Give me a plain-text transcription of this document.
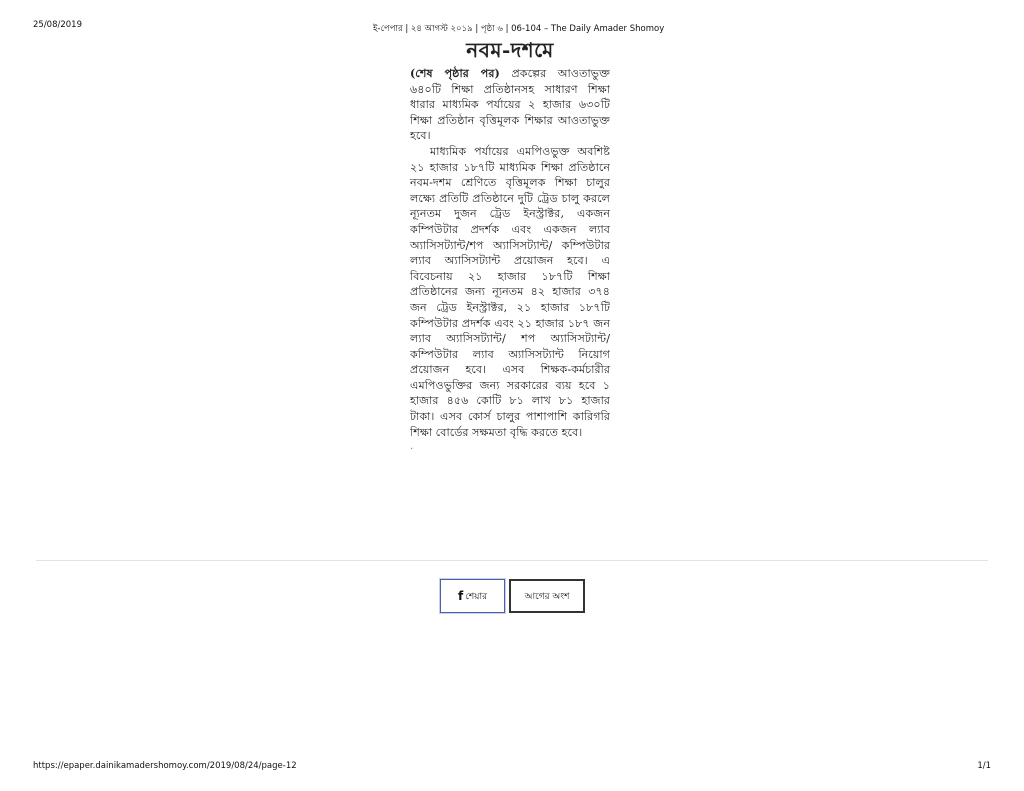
25/08/2019	ই-পেপার | ২৪ আগস্ট ২০১৯ | পৃষ্ঠা ৬ | 06-104 – The Daily Amader Shomoy
নবম-দশমে

(শেষ পৃষ্ঠার পর) প্রকল্পের আওতাভুক্ত ৬৪০টি শিক্ষা প্রতিষ্ঠানসহ সাধারণ শিক্ষা ধারার মাধ্যমিক পর্যায়ের ২ হাজার ৬৩০টি শিক্ষা প্রতিষ্ঠান বৃত্তিমূলক শিক্ষার আওতাভুক্ত হবে।

মাধ্যমিক পর্যায়ের এমপিওভুক্ত অবশিষ্ট ২১ হাজার ১৮৭টি মাধ্যমিক শিক্ষা প্রতিষ্ঠানে নবম-দশম শ্রেণিতে বৃত্তিমূলক শিক্ষা চালুর লক্ষ্যে প্রতিটি প্রতিষ্ঠানে দুটি ট্রেড চালু করলে ন্যূনতম দুজন ট্রেড ইনস্ট্রাক্টর, একজন কম্পিউটার প্রদর্শক এবং একজন ল্যাব অ্যাসিসট্যান্ট/শপ অ্যাসিসট্যান্ট/ কম্পিউটার ল্যাব অ্যাসিসট্যান্ট প্রয়োজন হবে। এ বিবেচনায় ২১ হাজার ১৮৭টি শিক্ষা প্রতিষ্ঠানের জন্য ন্যূনতম ৪২ হাজার ৩৭৪ জন ট্রেড ইনস্ট্রাক্টর, ২১ হাজার ১৮৭টি কম্পিউটার প্রদর্শক এবং ২১ হাজার ১৮৭ জন ল্যাব অ্যাসিসট্যান্ট/ শপ অ্যাসিসট্যান্ট/ কম্পিউটার ল্যাব অ্যাসিসট্যান্ট নিয়োগ প্রয়োজন হবে। এসব শিক্ষক-কর্মচারীর এমপিওভুক্তির জন্য সরকারের ব্যয় হবে ১ হাজার ৪৫৬ কোটি ৮১ লাখ ৮১ হাজার টাকা। এসব কোর্স চালুর পাশাপাশি কারিগরি শিক্ষা বোর্ডের সক্ষমতা বৃদ্ধি করতে হবে।

.
f শেয়ার	আগের অংশ
https://epaper.dainikamadershomoy.com/2019/08/24/page-12	1/1
